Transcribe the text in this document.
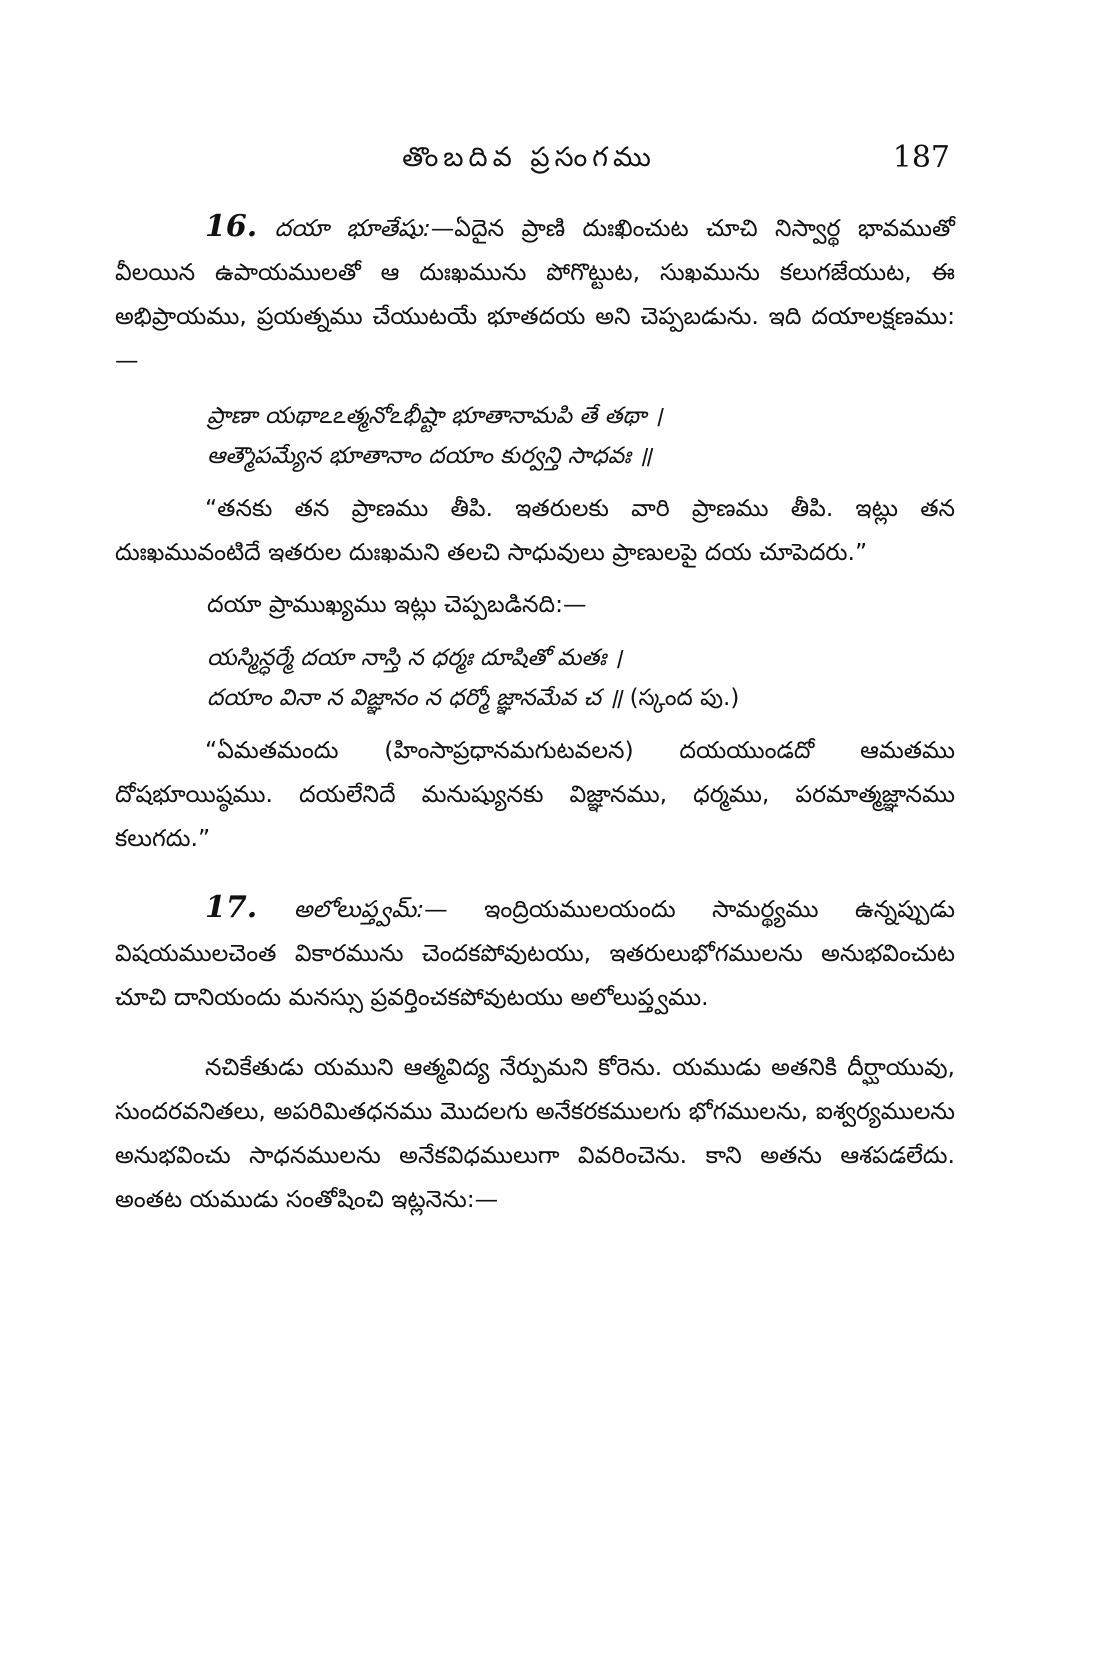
తొంబదివ ప్రసంగము	187

16. దయా భూతేషు:—ఏదైన ప్రాణి దుఃఖించుట చూచి నిస్వార్థ భావముతో వీలయిన ఉపాయములతో ఆ దుఃఖమును పోగొట్టుట, సుఖమును కలుగజేయుట, ఈ అభిప్రాయము, ప్రయత్నము చేయుటయే భూతదయ అని చెప్పబడును. ఇది దయాలక్షణము:—

ప్రాణా యథాఽఽత్మనోఽభీష్టా భూతానామపి తే తథా ।

ఆత్మౌపమ్యేన భూతానాం దయాం కుర్వన్తి సాధవః ॥

“తనకు తన ప్రాణము తీపి. ఇతరులకు వారి ప్రాణము తీపి. ఇట్లు తన దుఃఖమువంటిదే ఇతరుల దుఃఖమని తలచి సాధువులు ప్రాణులపై దయ చూపెదరు.”

దయా ప్రాముఖ్యము ఇట్లు చెప్పబడినది:—

యస్మిన్ధర్మే దయా నాస్తి న ధర్మః దూషితో మతః ।

దయాం వినా న విజ్ఞానం న ధర్మో జ్ఞానమేవ చ ॥ (స్కంద పు.)

“ఏమతమందు (హింసాప్రధానమగుటవలన) దయయుండదో ఆమతము దోషభూయిష్ఠము. దయలేనిదే మనుష్యునకు విజ్ఞానము, ధర్మము, పరమాత్మజ్ఞానము కలుగదు.”

17. అలోలుప్త్వమ్:— ఇంద్రియములయందు సామర్థ్యము ఉన్నప్పుడు విషయములచెంత వికారమును చెందకపోవుటయు, ఇతరులుభోగములను అనుభవించుట చూచి దానియందు మనస్సు ప్రవర్తించకపోవుటయు అలోలుప్త్వము.

నచికేతుడు యముని ఆత్మవిద్య నేర్పుమని కోరెను. యముడు అతనికి దీర్ఘాయువు, సుందరవనితలు, అపరిమితధనము మొదలగు అనేకరకములగు భోగములను, ఐశ్వర్యములను అనుభవించు సాధనములను అనేకవిధములుగా వివరించెను. కాని అతను ఆశపడలేదు. అంతట యముడు సంతోషించి ఇట్లనెను:—
